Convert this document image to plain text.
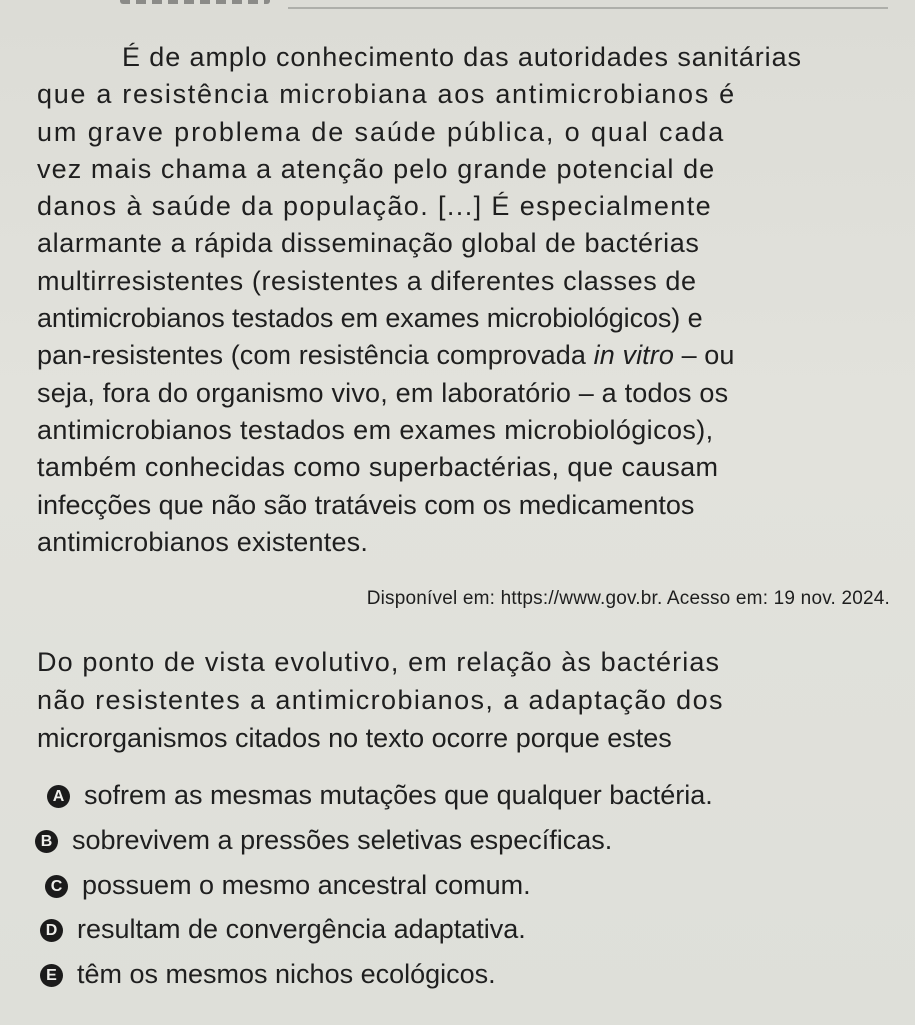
É de amplo conhecimento das autoridades sanitárias
que a resistência microbiana aos antimicrobianos é
um grave problema de saúde pública, o qual cada
vez mais chama a atenção pelo grande potencial de
danos à saúde da população. [...] É especialmente
alarmante a rápida disseminação global de bactérias
multirresistentes (resistentes a diferentes classes de
antimicrobianos testados em exames microbiológicos) e
pan-resistentes (com resistência comprovada in vitro – ou
seja, fora do organismo vivo, em laboratório – a todos os
antimicrobianos testados em exames microbiológicos),
também conhecidas como superbactérias, que causam
infecções que não são tratáveis com os medicamentos
antimicrobianos existentes.

Disponível em: https://www.gov.br. Acesso em: 19 nov. 2024.
Do ponto de vista evolutivo, em relação às bactérias
não resistentes a antimicrobianos, a adaptação dos
microrganismos citados no texto ocorre porque estes
A sofrem as mesmas mutações que qualquer bactéria.
B sobrevivem a pressões seletivas específicas.
C possuem o mesmo ancestral comum.
D resultam de convergência adaptativa.
E têm os mesmos nichos ecológicos.
